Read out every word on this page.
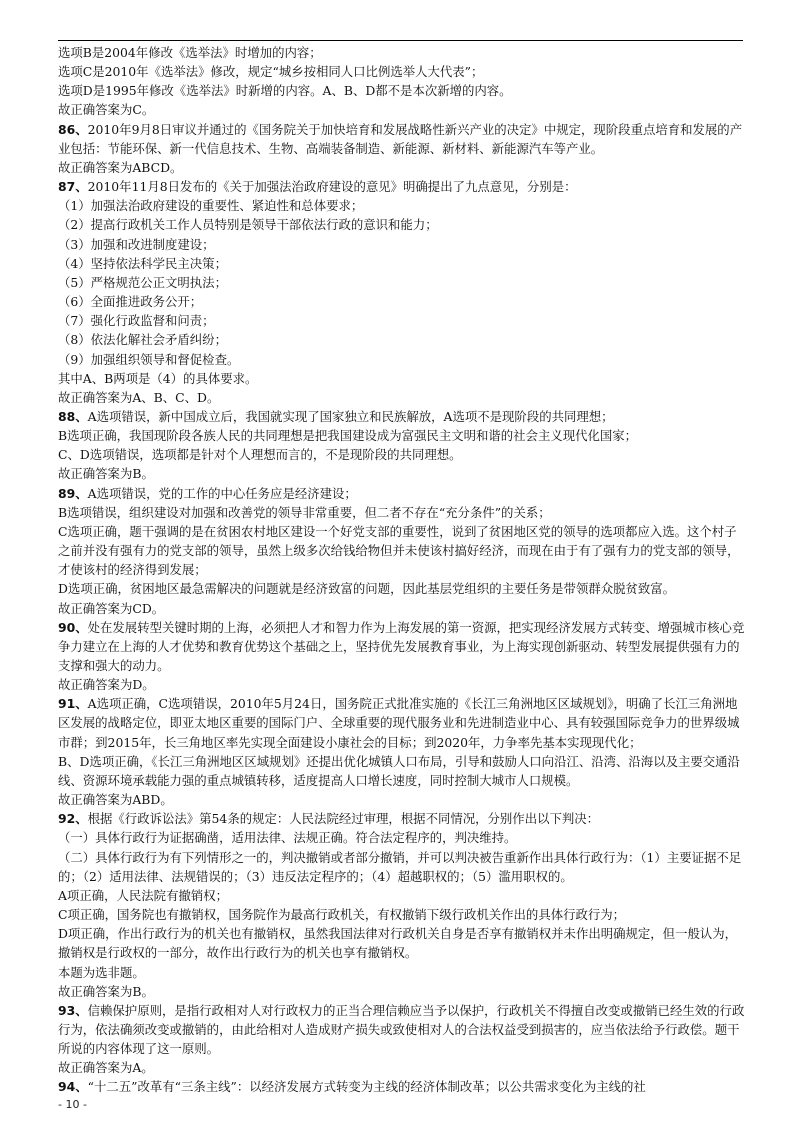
选项B是2004年修改《选举法》时增加的内容；

选项C是2010年《选举法》修改，规定“城乡按相同人口比例选举人大代表”；

选项D是1995年修改《选举法》时新增的内容。A、B、D都不是本次新增的内容。

故正确答案为C。

86、2010年9月8日审议并通过的《国务院关于加快培育和发展战略性新兴产业的决定》中规定，现阶段重点培育和发展的产业包括：节能环保、新一代信息技术、生物、高端装备制造、新能源、新材料、新能源汽车等产业。

故正确答案为ABCD。

87、2010年11月8日发布的《关于加强法治政府建设的意见》明确提出了九点意见，分别是：

（1）加强法治政府建设的重要性、紧迫性和总体要求；

（2）提高行政机关工作人员特别是领导干部依法行政的意识和能力；

（3）加强和改进制度建设；

（4）坚持依法科学民主决策；

（5）严格规范公正文明执法；

（6）全面推进政务公开；

（7）强化行政监督和问责；

（8）依法化解社会矛盾纠纷；

（9）加强组织领导和督促检查。

其中A、B两项是（4）的具体要求。

故正确答案为A、B、C、D。

88、A选项错误，新中国成立后，我国就实现了国家独立和民族解放，A选项不是现阶段的共同理想；

B选项正确，我国现阶段各族人民的共同理想是把我国建设成为富强民主文明和谐的社会主义现代化国家；

C、D选项错误，选项都是针对个人理想而言的，不是现阶段的共同理想。

故正确答案为B。

89、A选项错误，党的工作的中心任务应是经济建设；

B选项错误，组织建设对加强和改善党的领导非常重要，但二者不存在“充分条件”的关系；

C选项正确，题干强调的是在贫困农村地区建设一个好党支部的重要性，说到了贫困地区党的领导的选项都应入选。这个村子之前并没有强有力的党支部的领导，虽然上级多次给钱给物但并未使该村搞好经济，而现在由于有了强有力的党支部的领导，才使该村的经济得到发展；

D选项正确，贫困地区最急需解决的问题就是经济致富的问题，因此基层党组织的主要任务是带领群众脱贫致富。

故正确答案为CD。

90、处在发展转型关键时期的上海，必须把人才和智力作为上海发展的第一资源，把实现经济发展方式转变、增强城市核心竞争力建立在上海的人才优势和教育优势这个基础之上，坚持优先发展教育事业，为上海实现创新驱动、转型发展提供强有力的支撑和强大的动力。

故正确答案为D。

91、A选项正确，C选项错误，2010年5月24日，国务院正式批准实施的《长江三角洲地区区域规划》，明确了长江三角洲地区发展的战略定位，即亚太地区重要的国际门户、全球重要的现代服务业和先进制造业中心、具有较强国际竞争力的世界级城市群；到2015年，长三角地区率先实现全面建设小康社会的目标；到2020年，力争率先基本实现现代化；

B、D选项正确，《长江三角洲地区区域规划》还提出优化城镇人口布局，引导和鼓励人口向沿江、沿湾、沿海以及主要交通沿线、资源环境承载能力强的重点城镇转移，适度提高人口增长速度，同时控制大城市人口规模。

故正确答案为ABD。

92、根据《行政诉讼法》第54条的规定：人民法院经过审理，根据不同情况，分别作出以下判决：

（一）具体行政行为证据确凿，适用法律、法规正确。符合法定程序的，判决维持。

（二）具体行政行为有下列情形之一的，判决撤销或者部分撤销，并可以判决被告重新作出具体行政行为：（1）主要证据不足的；（2）适用法律、法规错误的；（3）违反法定程序的；（4）超越职权的；（5）滥用职权的。

A项正确，人民法院有撤销权；

C项正确，国务院也有撤销权，国务院作为最高行政机关，有权撤销下级行政机关作出的具体行政行为；

D项正确，作出行政行为的机关也有撤销权，虽然我国法律对行政机关自身是否享有撤销权并未作出明确规定，但一般认为，撤销权是行政权的一部分，故作出行政行为的机关也享有撤销权。

本题为选非题。

故正确答案为B。

93、信赖保护原则，是指行政相对人对行政权力的正当合理信赖应当予以保护，行政机关不得擅自改变或撤销已经生效的行政行为，依法确须改变或撤销的，由此给相对人造成财产损失或致使相对人的合法权益受到损害的，应当依法给予行政偿。题干所说的内容体现了这一原则。

故正确答案为A。

94、“十二五”改革有“三条主线”：以经济发展方式转变为主线的经济体制改革；以公共需求变化为主线的社

- 10 -
